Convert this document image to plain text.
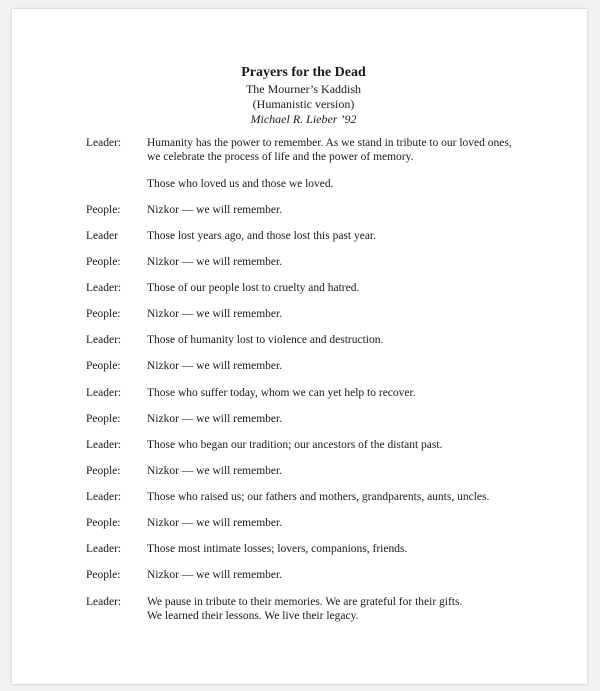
Prayers for the Dead
The Mourner’s Kaddish
(Humanistic version)
Michael R. Lieber ’92
Leader:	Humanity has the power to remember. As we stand in tribute to our loved ones,
we celebrate the process of life and the power of memory.
Those who loved us and those we loved.
People:	Nizkor — we will remember.
Leader	Those lost years ago, and those lost this past year.
People:	Nizkor — we will remember.
Leader:	Those of our people lost to cruelty and hatred.
People:	Nizkor — we will remember.
Leader:	Those of humanity lost to violence and destruction.
People:	Nizkor — we will remember.
Leader:	Those who suffer today, whom we can yet help to recover.
People:	Nizkor — we will remember.
Leader:	Those who began our tradition; our ancestors of the distant past.
People:	Nizkor — we will remember.
Leader:	Those who raised us; our fathers and mothers, grandparents, aunts, uncles.
People:	Nizkor — we will remember.
Leader:	Those most intimate losses; lovers, companions, friends.
People:	Nizkor — we will remember.
Leader:	We pause in tribute to their memories. We are grateful for their gifts.
We learned their lessons. We live their legacy.
